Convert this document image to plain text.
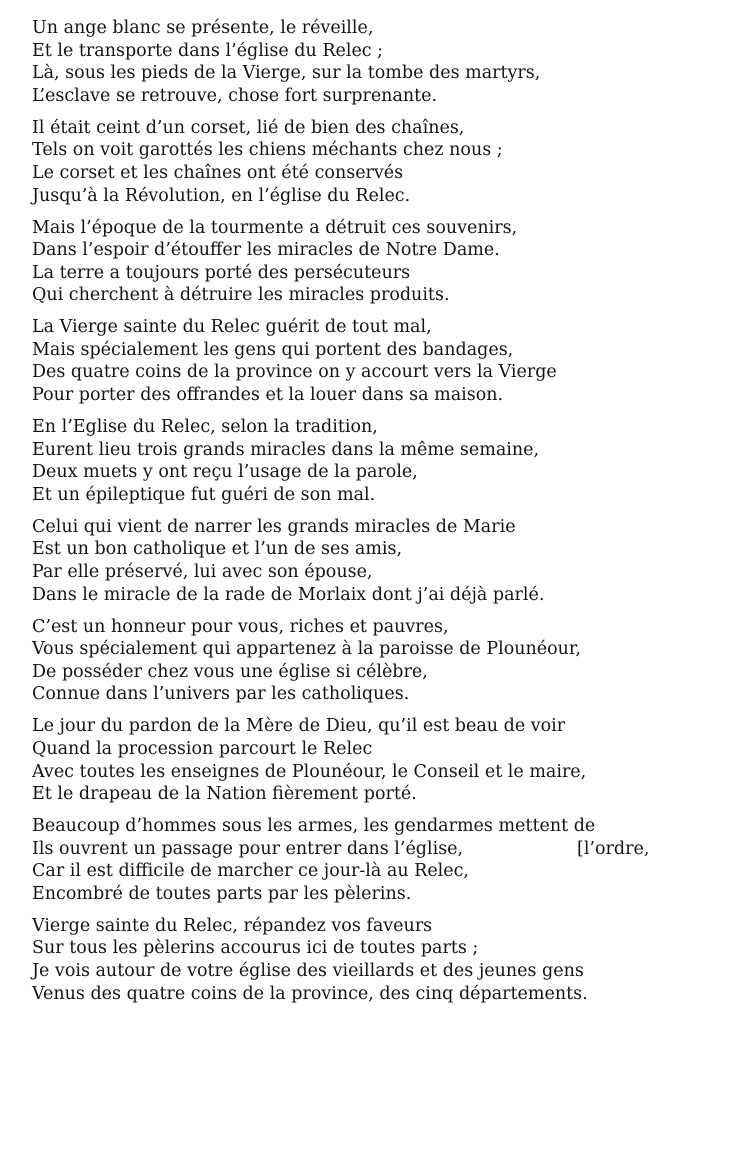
Un ange blanc se présente, le réveille,
Et le transporte dans l’église du Relec ;
Là, sous les pieds de la Vierge, sur la tombe des martyrs,
L’esclave se retrouve, chose fort surprenante.
Il était ceint d’un corset, lié de bien des chaînes,
Tels on voit garottés les chiens méchants chez nous ;
Le corset et les chaînes ont été conservés
Jusqu’à la Révolution, en l’église du Relec.
Mais l’époque de la tourmente a détruit ces souvenirs,
Dans l’espoir d’étouffer les miracles de Notre Dame.
La terre a toujours porté des persécuteurs
Qui cherchent à détruire les miracles produits.
La Vierge sainte du Relec guérit de tout mal,
Mais spécialement les gens qui portent des bandages,
Des quatre coins de la province on y accourt vers la Vierge
Pour porter des offrandes et la louer dans sa maison.
En l’Eglise du Relec, selon la tradition,
Eurent lieu trois grands miracles dans la même semaine,
Deux muets y ont reçu l’usage de la parole,
Et un épileptique fut guéri de son mal.
Celui qui vient de narrer les grands miracles de Marie
Est un bon catholique et l’un de ses amis,
Par elle préservé, lui avec son épouse,
Dans le miracle de la rade de Morlaix dont j’ai déjà parlé.
C’est un honneur pour vous, riches et pauvres,
Vous spécialement qui appartenez à la paroisse de Plounéour,
De posséder chez vous une église si célèbre,
Connue dans l’univers par les catholiques.
Le jour du pardon de la Mère de Dieu, qu’il est beau de voir
Quand la procession parcourt le Relec
Avec toutes les enseignes de Plounéour, le Conseil et le maire,
Et le drapeau de la Nation fièrement porté.
Beaucoup d’hommes sous les armes, les gendarmes mettent de
Ils ouvrent un passage pour entrer dans l’église,	[l’ordre,
Car il est difficile de marcher ce jour-là au Relec,
Encombré de toutes parts par les pèlerins.
Vierge sainte du Relec, répandez vos faveurs
Sur tous les pèlerins accourus ici de toutes parts ;
Je vois autour de votre église des vieillards et des jeunes gens
Venus des quatre coins de la province, des cinq départements.
